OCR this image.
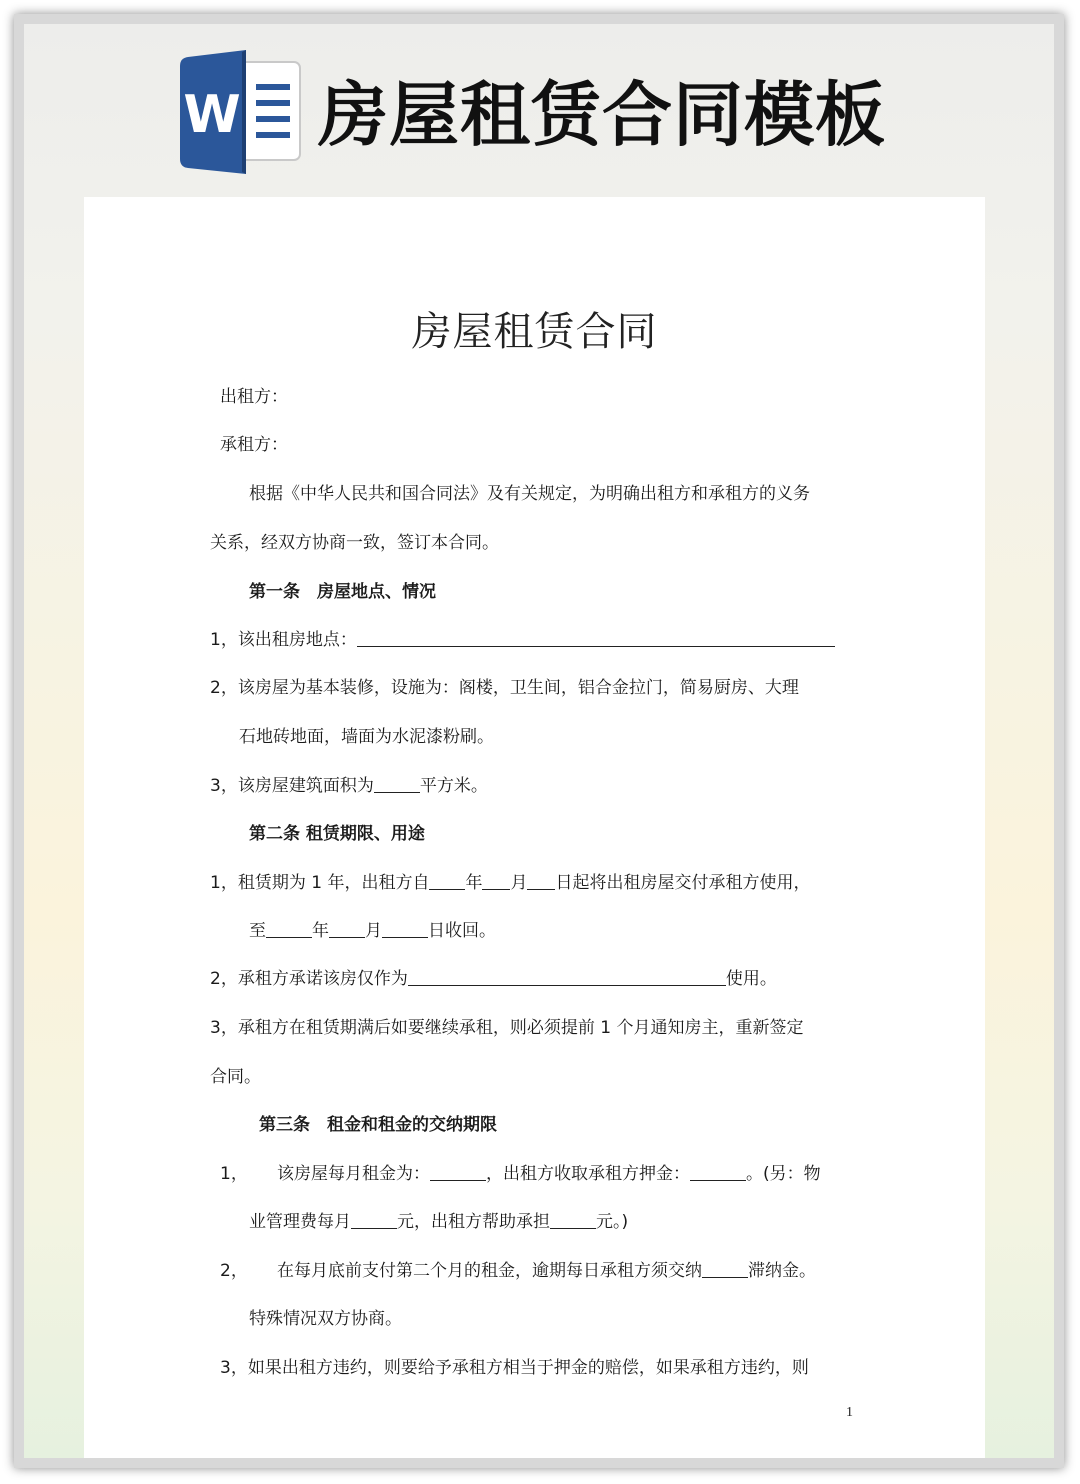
W 房屋租赁合同模板
房屋租赁合同
出租方：
承租方：
根据《中华人民共和国合同法》及有关规定，为明确出租方和承租方的义务
关系，经双方协商一致，签订本合同。
第一条　房屋地点、情况
1，该出租房地点：
2，该房屋为基本装修，设施为：阁楼，卫生间，铝合金拉门，简易厨房、大理
石地砖地面，墙面为水泥漆粉刷。
3，该房屋建筑面积为	平方米。
第二条 租赁期限、用途
1，租赁期为 1 年，出租方自 年 月 日起将出租房屋交付承租方使用，
至	年 月	日收回。
2，承租方承诺该房仅作为	使用。
3，承租方在租赁期满后如要继续承租，则必须提前 1 个月通知房主，重新签定
合同。
第三条　租金和租金的交纳期限
1， 该房屋每月租金为：	，出租方收取承租方押金：	。(另：物
业管理费每月	元，出租方帮助承担	元。)
2， 在每月底前支付第二个月的租金，逾期每日承租方须交纳	滞纳金。
特殊情况双方协商。
3，如果出租方违约，则要给予承租方相当于押金的赔偿，如果承租方违约，则
1
